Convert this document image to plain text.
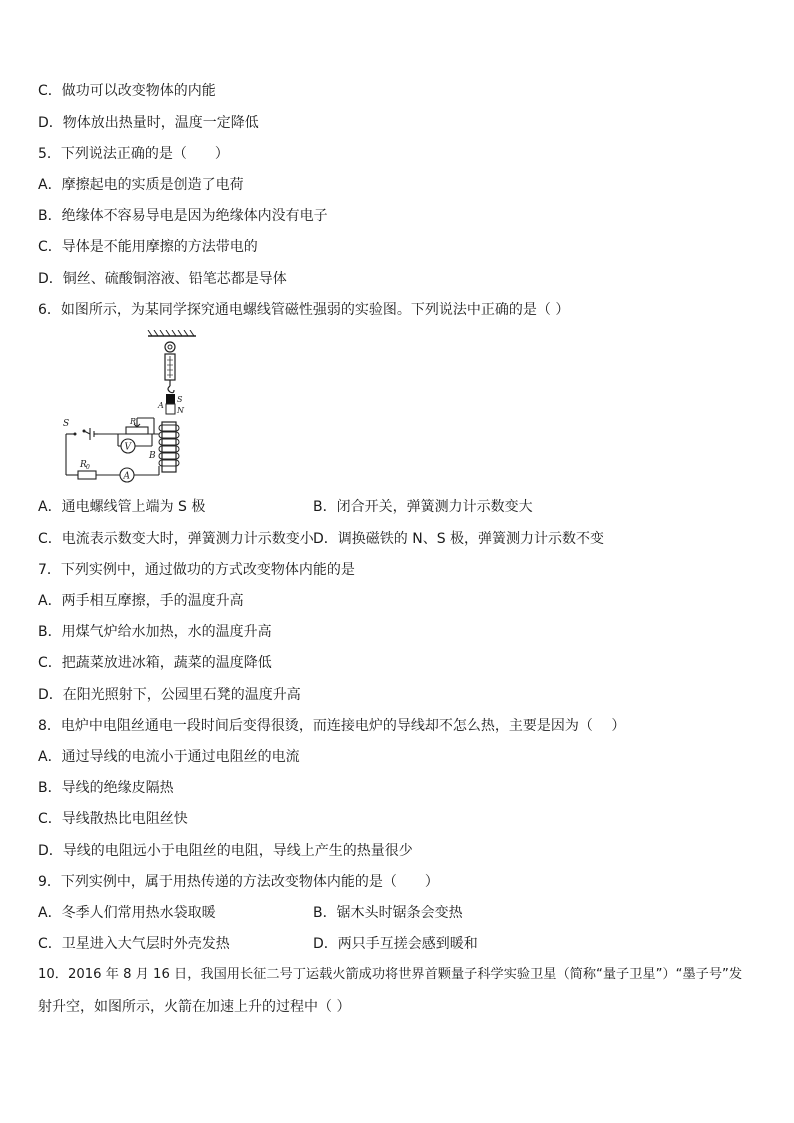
C．做功可以改变物体的内能
D．物体放出热量时，温度一定降低
5．下列说法正确的是（　　）
A．摩擦起电的实质是创造了电荷
B．绝缘体不容易导电是因为绝缘体内没有电子
C．导体是不能用摩擦的方法带电的
D．铜丝、硫酸铜溶液、铅笔芯都是导体
6．如图所示，为某同学探究通电螺线管磁性强弱的实验图。下列说法中正确的是（ ）
A
S
N
B
S	R
V
A
R 0
A．通电螺线管上端为 S 极	B．闭合开关，弹簧测力计示数变大
C．电流表示数变大时，弹簧测力计示数变小 D．调换磁铁的 N、S 极，弹簧测力计示数不变
7．下列实例中，通过做功的方式改变物体内能的是
A．两手相互摩擦，手的温度升高
B．用煤气炉给水加热，水的温度升高
C．把蔬菜放进冰箱，蔬菜的温度降低
D．在阳光照射下，公园里石凳的温度升高
8．电炉中电阻丝通电一段时间后变得很烫，而连接电炉的导线却不怎么热，主要是因为（　 ）
A．通过导线的电流小于通过电阻丝的电流
B．导线的绝缘皮隔热
C．导线散热比电阻丝快
D．导线的电阻远小于电阻丝的电阻，导线上产生的热量很少
9．下列实例中，属于用热传递的方法改变物体内能的是（　　）
A．冬季人们常用热水袋取暖	B．锯木头时锯条会变热
C．卫星进入大气层时外壳发热	D．两只手互搓会感到暖和
10．2016 年 8 月 16 日，我国用长征二号丁运载火箭成功将世界首颗量子科学实验卫星（简称“量子卫星”）“墨子号”发
射升空，如图所示，火箭在加速上升的过程中（ ）
